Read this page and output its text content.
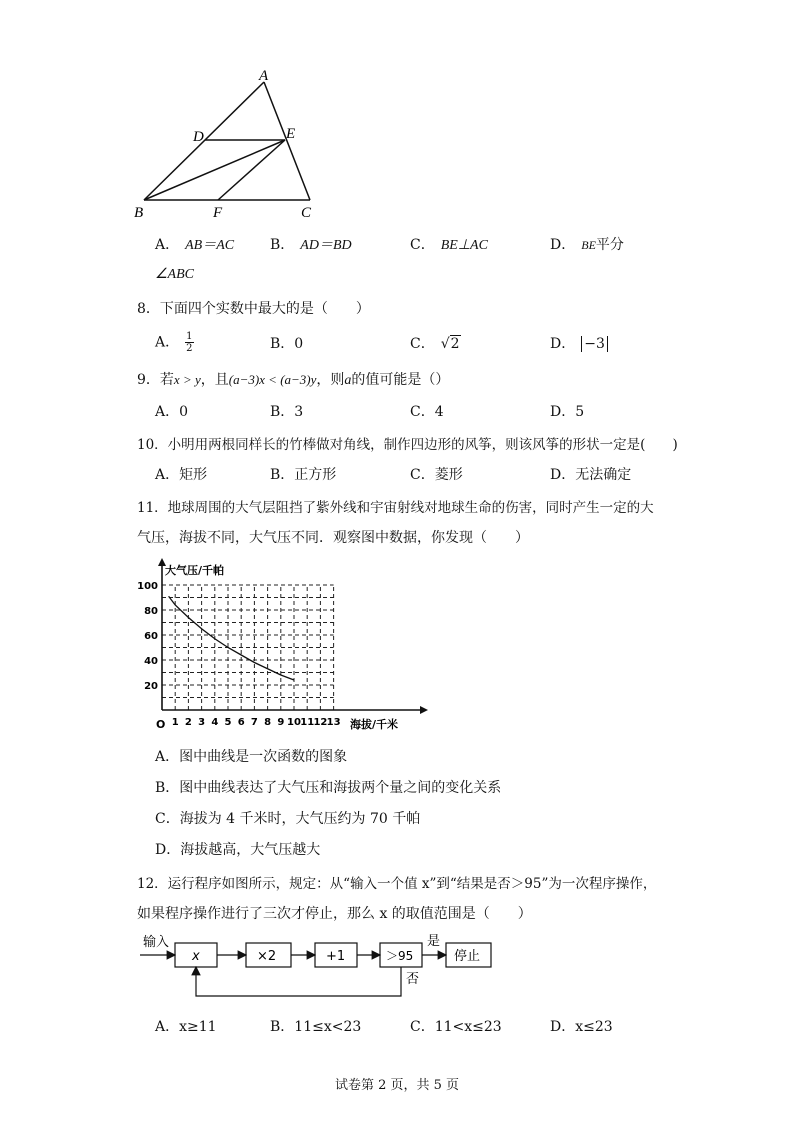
A
D	E
B	F	C
A． AB＝AC	B． AD＝BD	C． BE⊥AC	D． BE平分
∠ABC
8．下面四个实数中最大的是（　　）
A． $\frac{1}{2}$	B．0	C． √2	D． −3
9．若x > y，且(a−3)x < (a−3)y，则a的值可能是（）
A．0	B．3	C．4	D．5
10．小明用两根同样长的竹棒做对角线，制作四边形的风筝，则该风筝的形状一定是(　　)
A．矩形	B．正方形	C．菱形	D．无法确定
11．地球周围的大气层阻挡了紫外线和宇宙射线对地球生命的伤害，同时产生一定的大
气压，海拔不同，大气压不同．观察图中数据，你发现（　　）
1 2 3 4 5 6 7 8 9 10 11 12 13
20
40
60
80
100
大气压/千帕
海拔/千米
O
A．图中曲线是一次函数的图象
B．图中曲线表达了大气压和海拔两个量之间的变化关系
C．海拔为 4 千米时，大气压约为 70 千帕
D．海拔越高，大气压越大
12．运行程序如图所示，规定：从“输入一个值 x”到“结果是否＞95”为一次程序操作，
如果程序操作进行了三次才停止，那么 x 的取值范围是（　　）
输入
x	×2	+1	＞95
是
停止
否
A．x≥11	B．11≤x<23	C．11<x≤23	D．x≤23
试卷第 2 页，共 5 页
